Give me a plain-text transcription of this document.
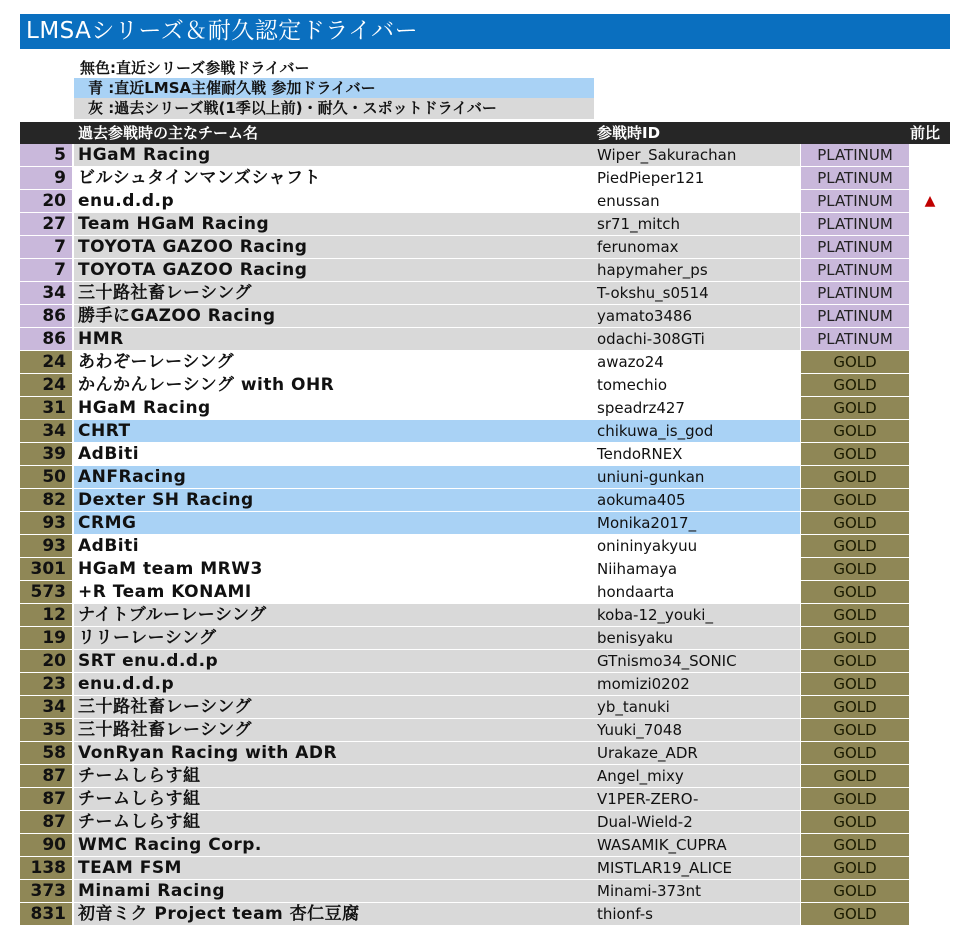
LMSAシリーズ＆耐久認定ドライバー
無色:直近シリーズ参戦ドライバー
青 :直近LMSA主催耐久戦 参加ドライバー
灰 :過去シリーズ戦(1季以上前)・耐久・スポットドライバー
過去参戦時の主なチーム名	参戦時ID	前比
5 HGaM Racing	Wiper_Sakurachan	PLATINUM
9 ビルシュタインマンズシャフト	PiedPieper121	PLATINUM
20 enu.d.d.p	enussan	PLATINUM	▲
27 Team HGaM Racing	sr71_mitch	PLATINUM
7 TOYOTA GAZOO Racing	ferunomax	PLATINUM
7 TOYOTA GAZOO Racing	hapymaher_ps	PLATINUM
34 三十路社畜レーシング	T-okshu_s0514	PLATINUM
86 勝手にGAZOO Racing	yamato3486	PLATINUM
86 HMR	odachi-308GTi	PLATINUM
24 あわぞーレーシング	awazo24	GOLD
24 かんかんレーシング with OHR	tomechio	GOLD
31 HGaM Racing	speadrz427	GOLD
34 CHRT	chikuwa_is_god	GOLD
39 AdBiti	TendoRNEX	GOLD
50 ANFRacing	uniuni-gunkan	GOLD
82 Dexter SH Racing	aokuma405	GOLD
93 CRMG	Monika2017_	GOLD
93 AdBiti	onininyakyuu	GOLD
301 HGaM team MRW3	Niihamaya	GOLD
573 +R Team KONAMI	hondaarta	GOLD
12 ナイトブルーレーシング	koba-12_youki_	GOLD
19 リリーレーシング	benisyaku	GOLD
20 SRT enu.d.d.p	GTnismo34_SONIC	GOLD
23 enu.d.d.p	momizi0202	GOLD
34 三十路社畜レーシング	yb_tanuki	GOLD
35 三十路社畜レーシング	Yuuki_7048	GOLD
58 VonRyan Racing with ADR	Urakaze_ADR	GOLD
87 チームしらす組	Angel_mixy	GOLD
87 チームしらす組	V1PER-ZERO-	GOLD
87 チームしらす組	Dual-Wield-2	GOLD
90 WMC Racing Corp.	WASAMIK_CUPRA	GOLD
138 TEAM FSM	MISTLAR19_ALICE	GOLD
373 Minami Racing	Minami-373nt	GOLD
831 初音ミク Project team 杏仁豆腐	thionf-s	GOLD
